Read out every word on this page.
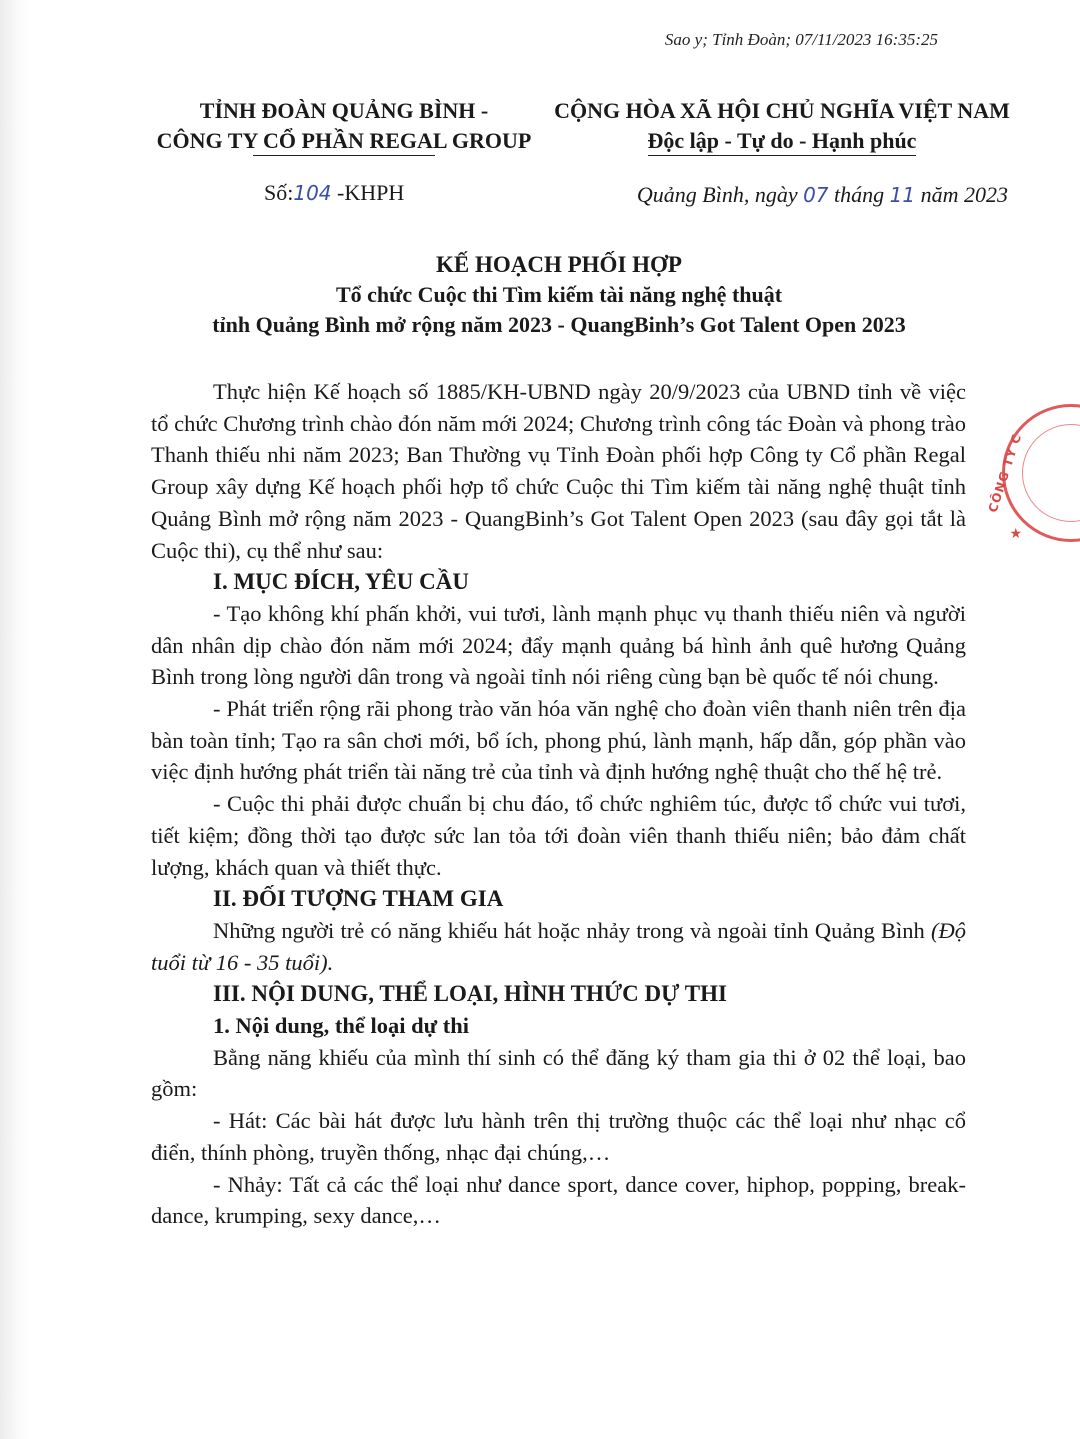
Sao y; Tỉnh Đoàn; 07/11/2023 16:35:25
TỈNH ĐOÀN QUẢNG BÌNH -
CÔNG TY CỔ PHẦN REGAL GROUP
CỘNG HÒA XÃ HỘI CHỦ NGHĨA VIỆT NAM
Độc lập - Tự do - Hạnh phúc
Số:104 -KHPH	Quảng Bình, ngày 07 tháng 11 năm 2023
KẾ HOẠCH PHỐI HỢP
Tổ chức Cuộc thi Tìm kiếm tài năng nghệ thuật
tỉnh Quảng Bình mở rộng năm 2023 - QuangBinh’s Got Talent Open 2023

Thực hiện Kế hoạch số 1885/KH-UBND ngày 20/9/2023 của UBND tỉnh về việc tổ chức Chương trình chào đón năm mới 2024; Chương trình công tác Đoàn và phong trào Thanh thiếu nhi năm 2023; Ban Thường vụ Tỉnh Đoàn phối hợp Công ty Cổ phần Regal Group xây dựng Kế hoạch phối hợp tổ chức Cuộc thi Tìm kiếm tài năng nghệ thuật tỉnh Quảng Bình mở rộng năm 2023 - QuangBinh’s Got Talent Open 2023 (sau đây gọi tắt là Cuộc thi), cụ thể như sau:

I. MỤC ĐÍCH, YÊU CẦU

- Tạo không khí phấn khởi, vui tươi, lành mạnh phục vụ thanh thiếu niên và người dân nhân dịp chào đón năm mới 2024; đẩy mạnh quảng bá hình ảnh quê hương Quảng Bình trong lòng người dân trong và ngoài tỉnh nói riêng cùng bạn bè quốc tế nói chung.

- Phát triển rộng rãi phong trào văn hóa văn nghệ cho đoàn viên thanh niên trên địa bàn toàn tỉnh; Tạo ra sân chơi mới, bổ ích, phong phú, lành mạnh, hấp dẫn, góp phần vào việc định hướng phát triển tài năng trẻ của tỉnh và định hướng nghệ thuật cho thế hệ trẻ.

- Cuộc thi phải được chuẩn bị chu đáo, tổ chức nghiêm túc, được tổ chức vui tươi, tiết kiệm; đồng thời tạo được sức lan tỏa tới đoàn viên thanh thiếu niên; bảo đảm chất lượng, khách quan và thiết thực.

II. ĐỐI TƯỢNG THAM GIA

Những người trẻ có năng khiếu hát hoặc nhảy trong và ngoài tỉnh Quảng Bình (Độ tuổi từ 16 - 35 tuổi).

III. NỘI DUNG, THỂ LOẠI, HÌNH THỨC DỰ THI

1. Nội dung, thể loại dự thi

Bằng năng khiếu của mình thí sinh có thể đăng ký tham gia thi ở 02 thể loại, bao gồm:

- Hát: Các bài hát được lưu hành trên thị trường thuộc các thể loại như nhạc cổ điển, thính phòng, truyền thống, nhạc đại chúng,…

- Nhảy: Tất cả các thể loại như dance sport, dance cover, hiphop, popping, break-dance, krumping, sexy dance,…

CÔNG TY C
★
